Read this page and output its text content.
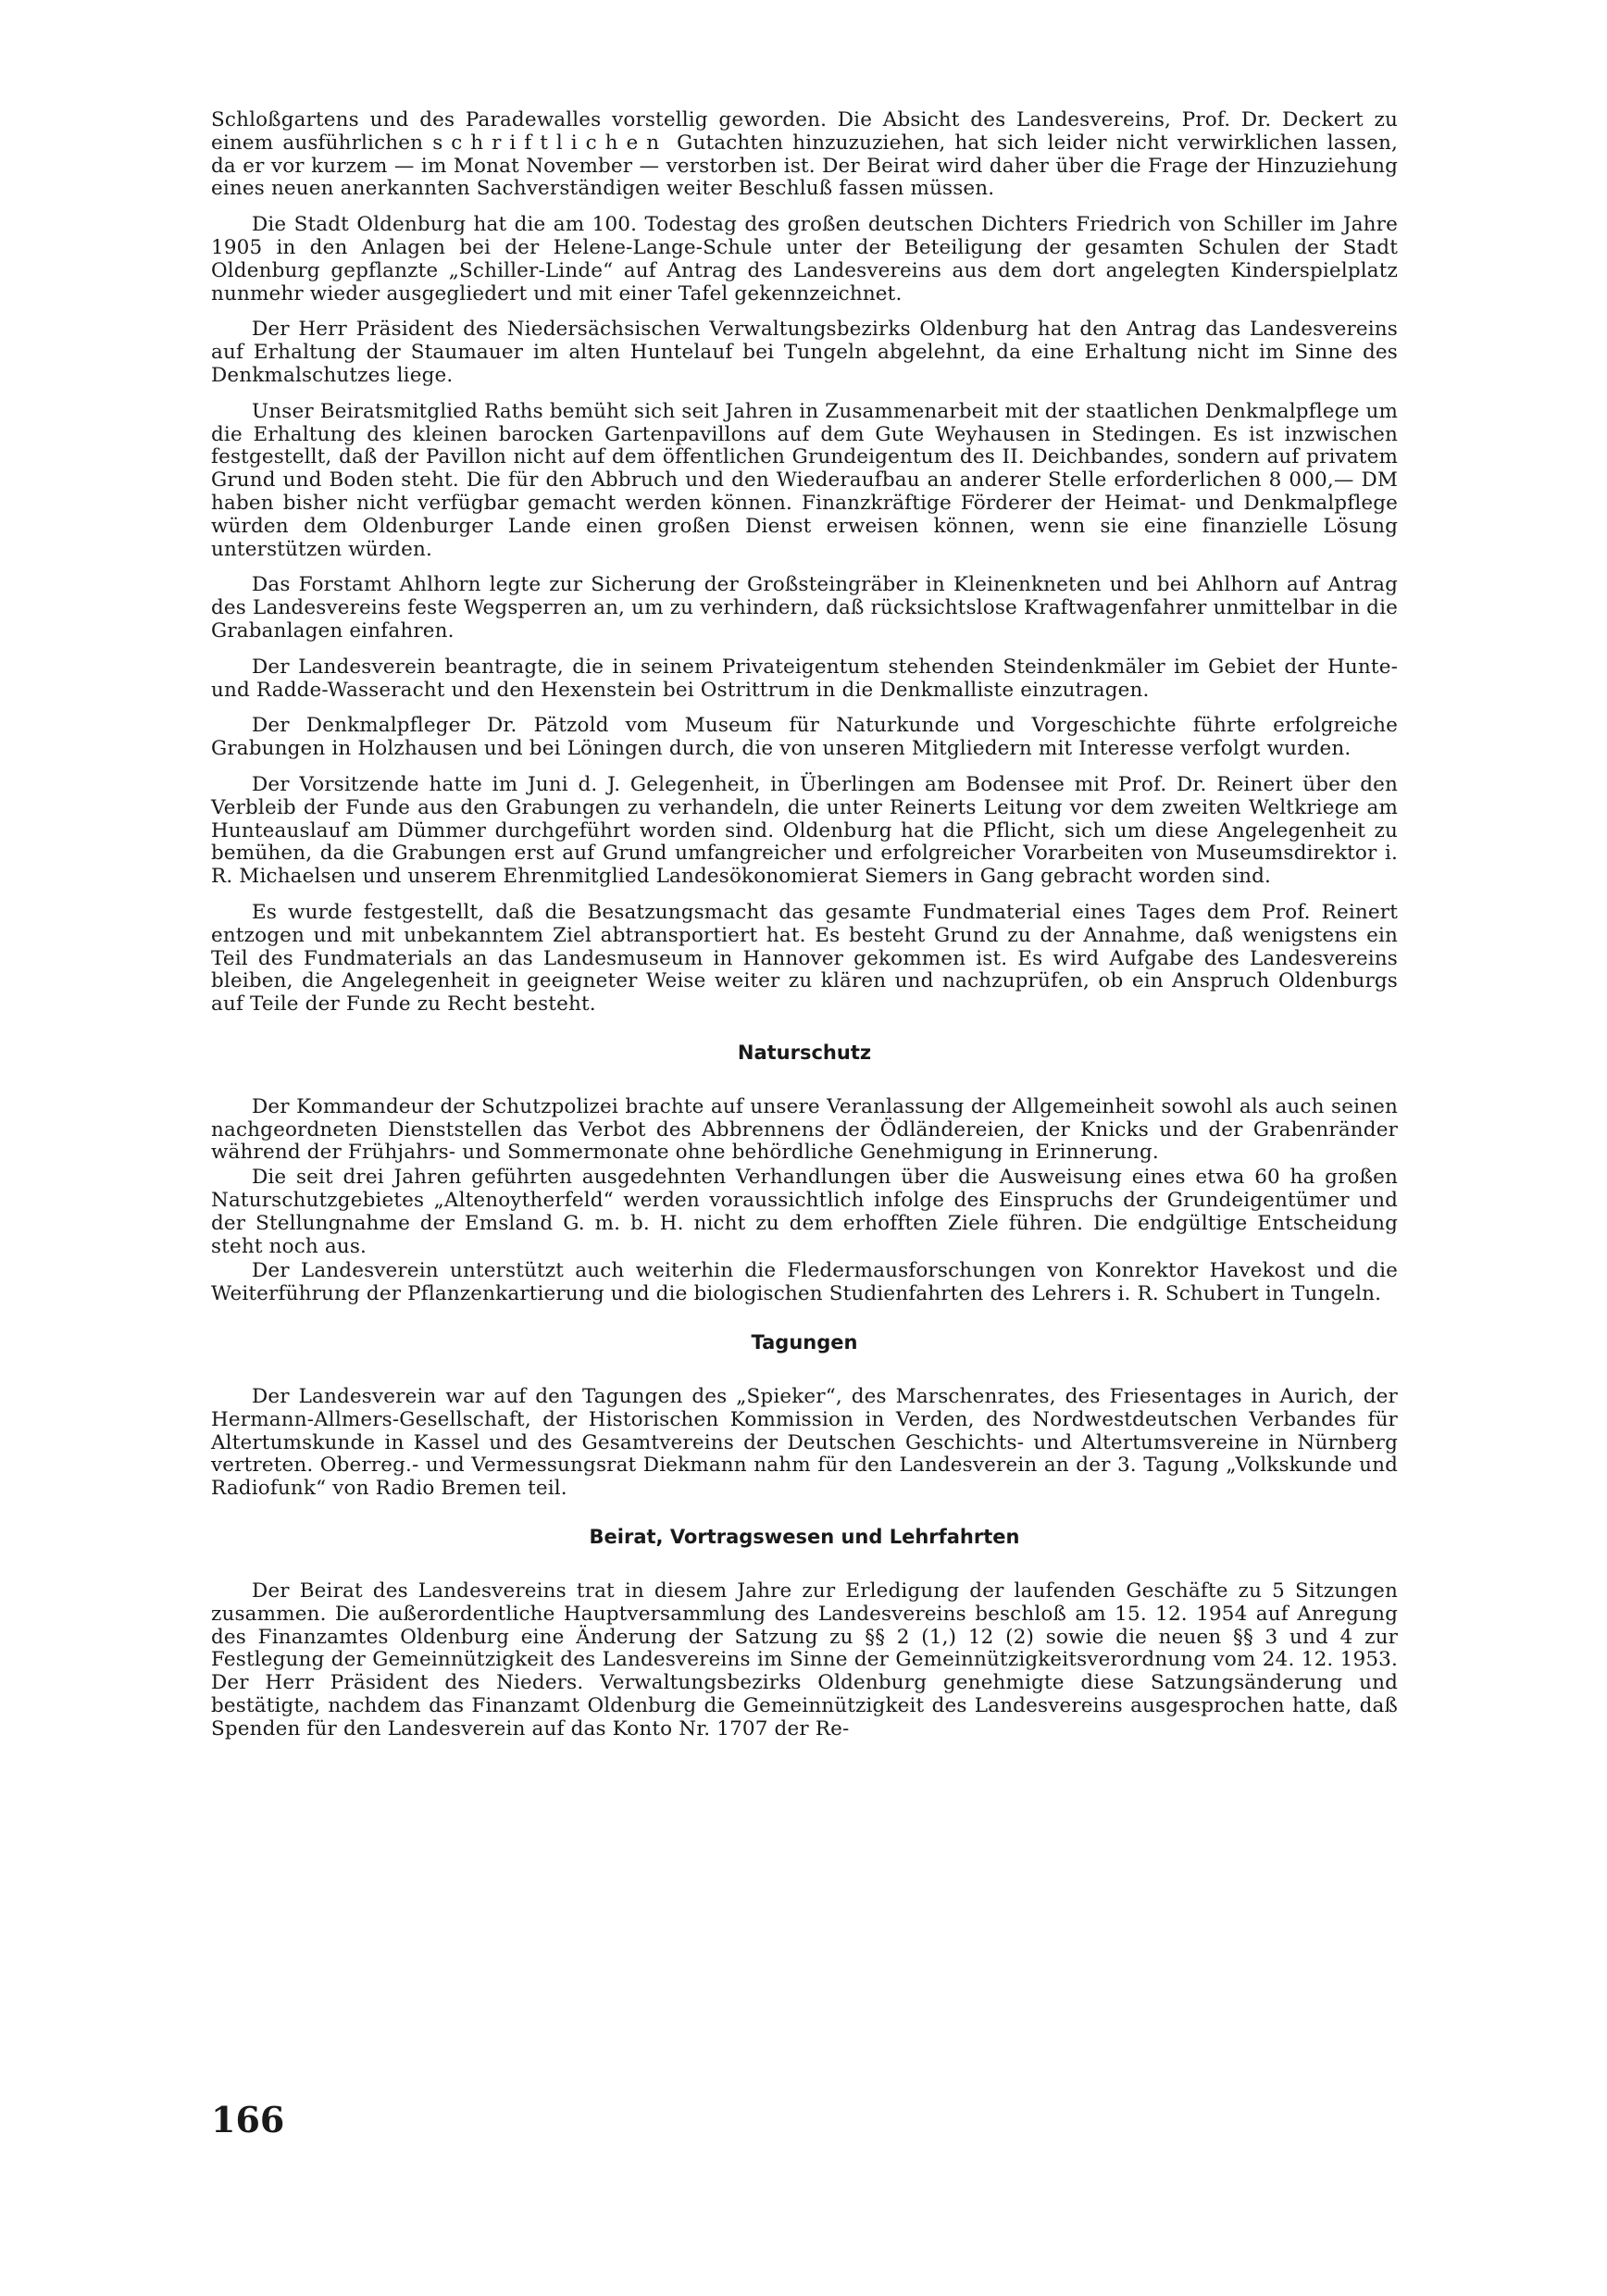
Schloßgartens und des Paradewalles vorstellig geworden. Die Absicht des Landesvereins, Prof. Dr. Deckert zu einem ausführlichen schriftlichen Gutachten hinzuzuziehen, hat sich leider nicht verwirklichen lassen, da er vor kurzem — im Monat November — verstorben ist. Der Beirat wird daher über die Frage der Hinzuziehung eines neuen anerkannten Sachverständigen weiter Beschluß fassen müssen.

Die Stadt Oldenburg hat die am 100. Todestag des großen deutschen Dichters Friedrich von Schiller im Jahre 1905 in den Anlagen bei der Helene-Lange-Schule unter der Beteiligung der gesamten Schulen der Stadt Oldenburg gepflanzte „Schiller-Linde“ auf Antrag des Landesvereins aus dem dort angelegten Kinderspielplatz nunmehr wieder ausgegliedert und mit einer Tafel gekennzeichnet.

Der Herr Präsident des Niedersächsischen Verwaltungsbezirks Oldenburg hat den Antrag das Landesvereins auf Erhaltung der Staumauer im alten Huntelauf bei Tungeln abgelehnt, da eine Erhaltung nicht im Sinne des Denkmalschutzes liege.

Unser Beiratsmitglied Raths bemüht sich seit Jahren in Zusammenarbeit mit der staatlichen Denkmalpflege um die Erhaltung des kleinen barocken Gartenpavillons auf dem Gute Weyhausen in Stedingen. Es ist inzwischen festgestellt, daß der Pavillon nicht auf dem öffentlichen Grundeigentum des II. Deichbandes, sondern auf privatem Grund und Boden steht. Die für den Abbruch und den Wiederaufbau an anderer Stelle erforderlichen 8 000,— DM haben bisher nicht verfügbar gemacht werden können. Finanzkräftige Förderer der Heimat- und Denkmalpflege würden dem Oldenburger Lande einen großen Dienst erweisen können, wenn sie eine finanzielle Lösung unterstützen würden.

Das Forstamt Ahlhorn legte zur Sicherung der Großsteingräber in Kleinenkneten und bei Ahlhorn auf Antrag des Landesvereins feste Wegsperren an, um zu verhindern, daß rücksichtslose Kraftwagenfahrer unmittelbar in die Grabanlagen einfahren.

Der Landesverein beantragte, die in seinem Privateigentum stehenden Steindenkmäler im Gebiet der Hunte- und Radde-Wasseracht und den Hexenstein bei Ostrittrum in die Denkmalliste einzutragen.

Der Denkmalpfleger Dr. Pätzold vom Museum für Naturkunde und Vorgeschichte führte erfolgreiche Grabungen in Holzhausen und bei Löningen durch, die von unseren Mitgliedern mit Interesse verfolgt wurden.

Der Vorsitzende hatte im Juni d. J. Gelegenheit, in Überlingen am Bodensee mit Prof. Dr. Reinert über den Verbleib der Funde aus den Grabungen zu verhandeln, die unter Reinerts Leitung vor dem zweiten Weltkriege am Hunteauslauf am Dümmer durchgeführt worden sind. Oldenburg hat die Pflicht, sich um diese Angelegenheit zu bemühen, da die Grabungen erst auf Grund umfangreicher und erfolgreicher Vorarbeiten von Museumsdirektor i. R. Michaelsen und unserem Ehrenmitglied Landesökonomierat Siemers in Gang gebracht worden sind.

Es wurde festgestellt, daß die Besatzungsmacht das gesamte Fundmaterial eines Tages dem Prof. Reinert entzogen und mit unbekanntem Ziel abtransportiert hat. Es besteht Grund zu der Annahme, daß wenigstens ein Teil des Fundmaterials an das Landesmuseum in Hannover gekommen ist. Es wird Aufgabe des Landesvereins bleiben, die Angelegenheit in geeigneter Weise weiter zu klären und nachzuprüfen, ob ein Anspruch Oldenburgs auf Teile der Funde zu Recht besteht.

Naturschutz

Der Kommandeur der Schutzpolizei brachte auf unsere Veranlassung der Allgemeinheit sowohl als auch seinen nachgeordneten Dienststellen das Verbot des Abbrennens der Ödländereien, der Knicks und der Grabenränder während der Frühjahrs- und Sommermonate ohne behördliche Genehmigung in Erinnerung.

Die seit drei Jahren geführten ausgedehnten Verhandlungen über die Ausweisung eines etwa 60 ha großen Naturschutzgebietes „Altenoytherfeld“ werden voraussichtlich infolge des Einspruchs der Grundeigentümer und der Stellungnahme der Emsland G. m. b. H. nicht zu dem erhofften Ziele führen. Die endgültige Entscheidung steht noch aus.

Der Landesverein unterstützt auch weiterhin die Fledermausforschungen von Konrektor Havekost und die Weiterführung der Pflanzenkartierung und die biologischen Studienfahrten des Lehrers i. R. Schubert in Tungeln.

Tagungen

Der Landesverein war auf den Tagungen des „Spieker“, des Marschenrates, des Friesentages in Aurich, der Hermann-Allmers-Gesellschaft, der Historischen Kommission in Verden, des Nordwestdeutschen Verbandes für Altertumskunde in Kassel und des Gesamtvereins der Deutschen Geschichts- und Altertumsvereine in Nürnberg vertreten. Oberreg.- und Vermessungsrat Diekmann nahm für den Landesverein an der 3. Tagung „Volkskunde und Radiofunk“ von Radio Bremen teil.

Beirat, Vortragswesen und Lehrfahrten

Der Beirat des Landesvereins trat in diesem Jahre zur Erledigung der laufenden Geschäfte zu 5 Sitzungen zusammen. Die außerordentliche Hauptversammlung des Landesvereins beschloß am 15. 12. 1954 auf Anregung des Finanzamtes Oldenburg eine Änderung der Satzung zu §§ 2 (1,) 12 (2) sowie die neuen §§ 3 und 4 zur Festlegung der Gemeinnützigkeit des Landesvereins im Sinne der Gemeinnützigkeitsverordnung vom 24. 12. 1953. Der Herr Präsident des Nieders. Verwaltungsbezirks Oldenburg genehmigte diese Satzungsänderung und bestätigte, nachdem das Finanzamt Oldenburg die Gemeinnützigkeit des Landesvereins ausgesprochen hatte, daß Spenden für den Landesverein auf das Konto Nr. 1707 der Re-

166
